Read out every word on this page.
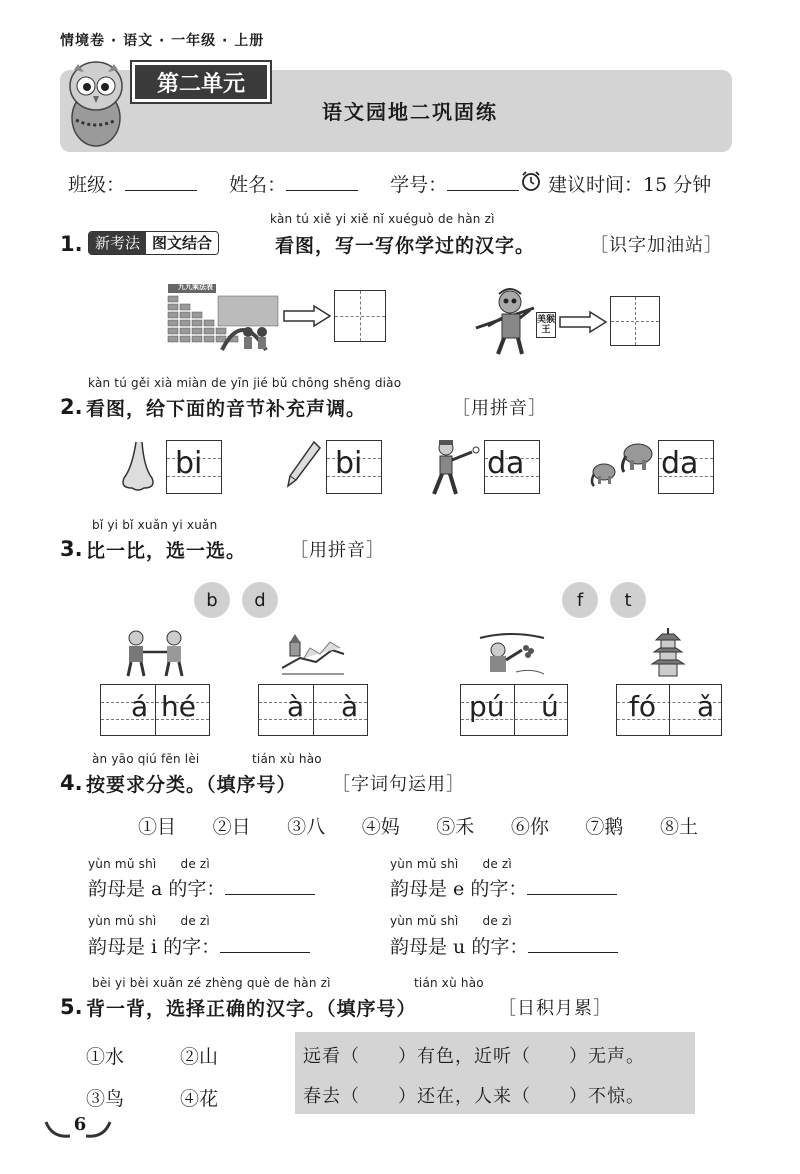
情境卷 · 语文 · 一年级 · 上册
第二单元
语文园地二巩固练
班级：	姓名：	学号：	建议时间：15 分钟
kàn tú xiě yi xiě nǐ xuéguò de hàn zì
1. 新考法 图文结合	看图，写一写你学过的汉字。	［识字加油站］
九九乘法表
美猴王
kàn tú gěi xià miàn de yīn jié bǔ chōng shēng diào
2. 看图，给下面的音节补充声调。	［用拼音］
bi	bi	da	da
bǐ yi bǐ xuǎn yi xuǎn
3. 比一比，选一选。 ［用拼音］
b	d	f	t
á hé	à à	pú ú	fó ǎ
àn yāo qiú fēn lèi	tián xù hào
4. 按要求分类。（填序号） ［字词句运用］
①目 ②日 ③八 ④妈 ⑤禾 ⑥你 ⑦鹅 ⑧土
yùn mǔ shì      de zì
韵母是 a 的字：
yùn mǔ shì      de zì
韵母是 e 的字：
yùn mǔ shì      de zì
韵母是 i 的字：
yùn mǔ shì      de zì
韵母是 u 的字：
bèi yi bèi xuǎn zé zhèng què de hàn zì	tián xù hào
5. 背一背，选择正确的汉字。（填序号）	［日积月累］
①水	②山
③鸟	④花
远看（　　）有色，近听（　　）无声。
春去（　　）还在，人来（　　）不惊。
6
